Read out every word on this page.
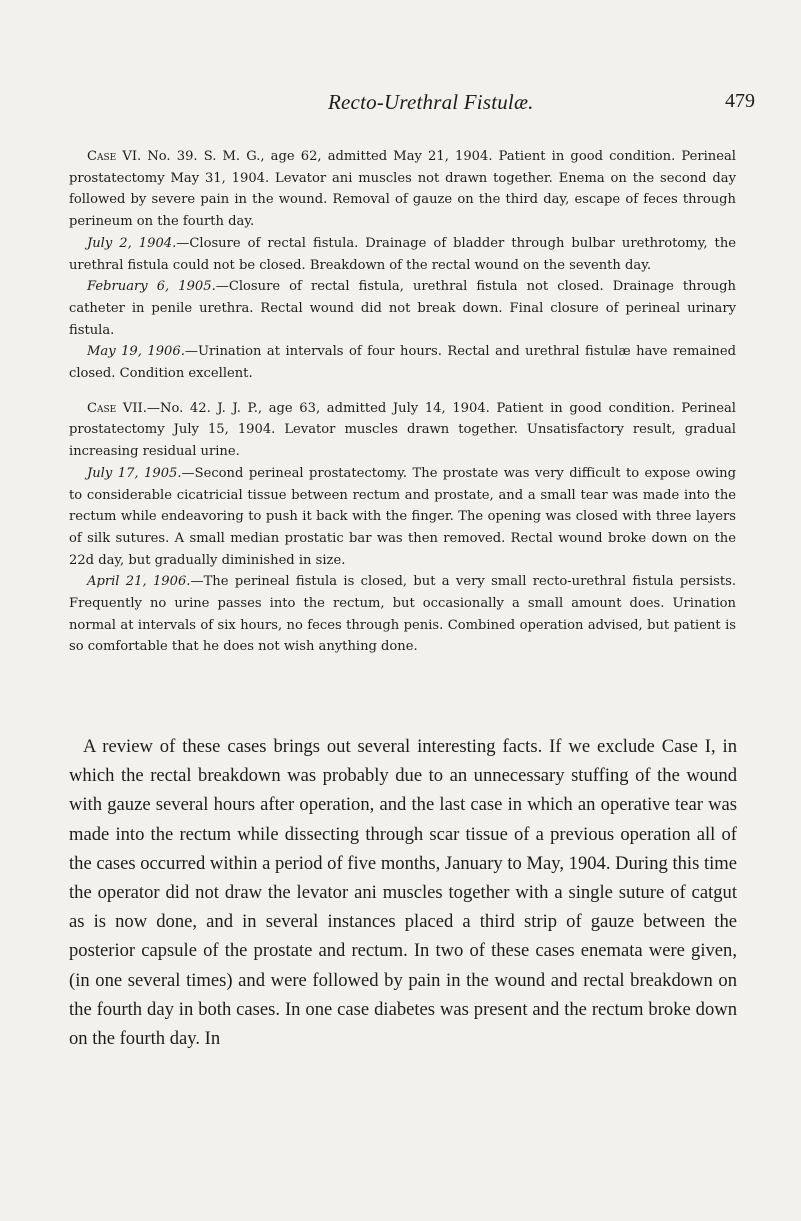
Recto-Urethral Fistulæ.	479

Case VI. No. 39. S. M. G., age 62, admitted May 21, 1904. Patient in good condition. Perineal prostatectomy May 31, 1904. Levator ani muscles not drawn together. Enema on the second day followed by severe pain in the wound. Removal of gauze on the third day, escape of feces through perineum on the fourth day.

July 2, 1904.—Closure of rectal fistula. Drainage of bladder through bulbar urethrotomy, the urethral fistula could not be closed. Breakdown of the rectal wound on the seventh day.

February 6, 1905.—Closure of rectal fistula, urethral fistula not closed. Drainage through catheter in penile urethra. Rectal wound did not break down. Final closure of perineal urinary fistula.

May 19, 1906.—Urination at intervals of four hours. Rectal and urethral fistulæ have remained closed. Condition excellent.

Case VII.—No. 42. J. J. P., age 63, admitted July 14, 1904. Patient in good condition. Perineal prostatectomy July 15, 1904. Levator muscles drawn together. Unsatisfactory result, gradual increasing residual urine.

July 17, 1905.—Second perineal prostatectomy. The prostate was very difficult to expose owing to considerable cicatricial tissue between rectum and prostate, and a small tear was made into the rectum while endeavoring to push it back with the finger. The opening was closed with three layers of silk sutures. A small median prostatic bar was then removed. Rectal wound broke down on the 22d day, but gradually diminished in size.

April 21, 1906.—The perineal fistula is closed, but a very small recto-urethral fistula persists. Frequently no urine passes into the rectum, but occasionally a small amount does. Urination normal at intervals of six hours, no feces through penis. Combined operation advised, but patient is so comfortable that he does not wish anything done.

A review of these cases brings out several interesting facts. If we exclude Case I, in which the rectal breakdown was probably due to an unnecessary stuffing of the wound with gauze several hours after operation, and the last case in which an operative tear was made into the rectum while dissecting through scar tissue of a previous operation all of the cases occurred within a period of five months, January to May, 1904. During this time the operator did not draw the levator ani muscles together with a single suture of catgut as is now done, and in several instances placed a third strip of gauze between the posterior capsule of the prostate and rectum. In two of these cases enemata were given, (in one several times) and were followed by pain in the wound and rectal breakdown on the fourth day in both cases. In one case diabetes was present and the rectum broke down on the fourth day. In
